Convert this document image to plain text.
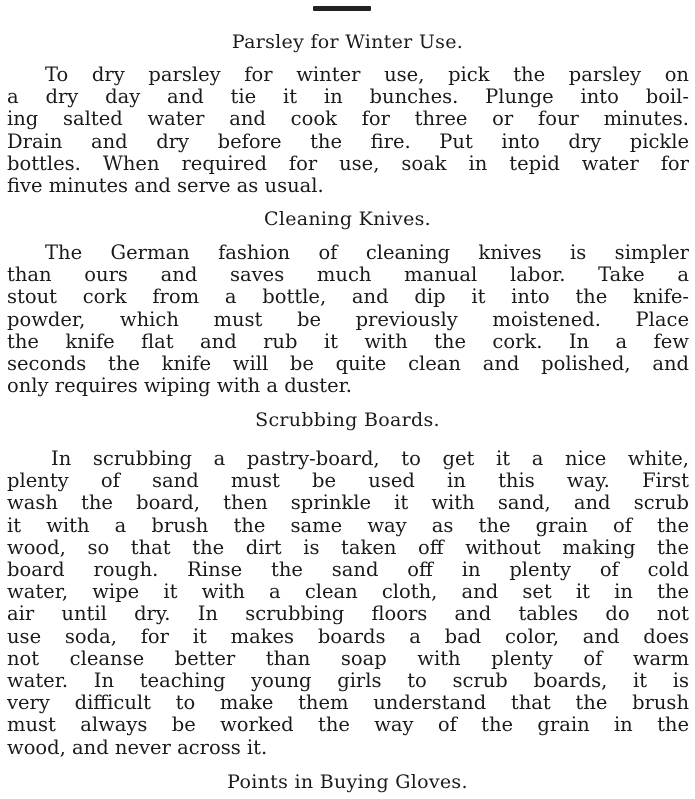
Parsley for Winter Use.
To dry parsley for winter use, pick the parsley on
a dry day and tie it in bunches. Plunge into boil-
ing salted water and cook for three or four minutes.
Drain and dry before the fire. Put into dry pickle
bottles. When required for use, soak in tepid water for
five minutes and serve as usual.
Cleaning Knives.
The German fashion of cleaning knives is simpler
than ours and saves much manual labor. Take a
stout cork from a bottle, and dip it into the knife-
powder, which must be previously moistened. Place
the knife flat and rub it with the cork. In a few
seconds the knife will be quite clean and polished, and
only requires wiping with a duster.
Scrubbing Boards.
In scrubbing a pastry-board, to get it a nice white,
plenty of sand must be used in this way. First
wash the board, then sprinkle it with sand, and scrub
it with a brush the same way as the grain of the
wood, so that the dirt is taken off without making the
board rough. Rinse the sand off in plenty of cold
water, wipe it with a clean cloth, and set it in the
air until dry. In scrubbing floors and tables do not
use soda, for it makes boards a bad color, and does
not cleanse better than soap with plenty of warm
water. In teaching young girls to scrub boards, it is
very difficult to make them understand that the brush
must always be worked the way of the grain in the
wood, and never across it.
Points in Buying Gloves.
